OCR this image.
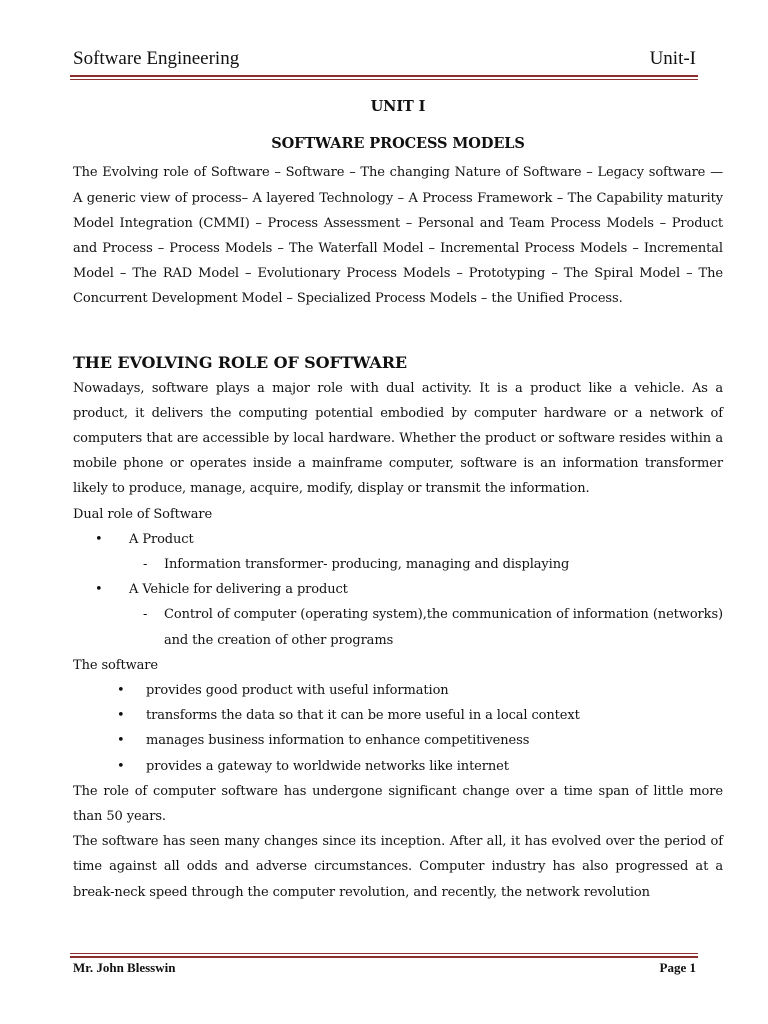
Software Engineering	Unit-I

UNIT I

SOFTWARE PROCESS MODELS

The Evolving role of Software – Software – The changing Nature of Software – Legacy software — A generic view of process– A layered Technology – A Process Framework – The Capability maturity Model Integration (CMMI) – Process Assessment – Personal and Team Process Models – Product and Process – Process Models – The Waterfall Model – Incremental Process Models – Incremental Model – The RAD Model – Evolutionary Process Models – Prototyping – The Spiral Model – The Concurrent Development Model – Specialized Process Models – the Unified Process.

THE EVOLVING ROLE OF SOFTWARE

Nowadays, software plays a major role with dual activity. It is a product like a vehicle. As a product, it delivers the computing potential embodied by computer hardware or a network of computers that are accessible by local hardware. Whether the product or software resides within a mobile phone or operates inside a mainframe computer, software is an information transformer likely to produce, manage, acquire, modify, display or transmit the information.

Dual role of Software

• A Product
- Information transformer- producing, managing and displaying
• A Vehicle for delivering a product
- Control of computer (operating system),the communication of information (networks) and the creation of other programs

The software

• provides good product with useful information
• transforms the data so that it can be more useful in a local context
• manages business information to enhance competitiveness
• provides a gateway to worldwide networks like internet

The role of computer software has undergone significant change over a time span of little more than 50 years.

The software has seen many changes since its inception. After all, it has evolved over the period of time against all odds and adverse circumstances. Computer industry has also progressed at a break-neck speed through the computer revolution, and recently, the network revolution

Mr. John Blesswin	Page 1
